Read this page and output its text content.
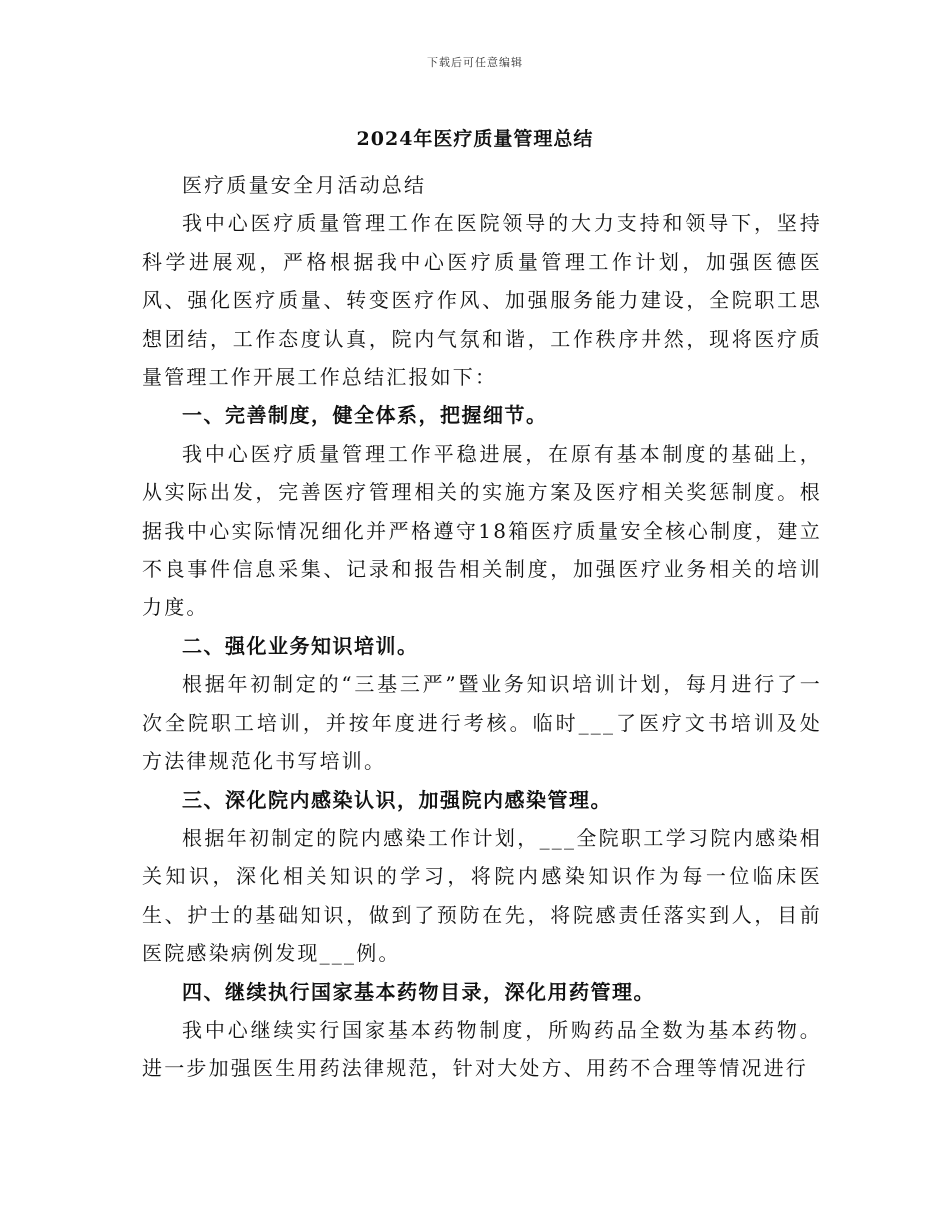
下载后可任意编辑
2024年医疗质量管理总结

医疗质量安全月活动总结

我中心医疗质量管理工作在医院领导的大力支持和领导下，坚持科学进展观，严格根据我中心医疗质量管理工作计划，加强医德医风、强化医疗质量、转变医疗作风、加强服务能力建设，全院职工思想团结，工作态度认真，院内气氛和谐，工作秩序井然，现将医疗质量管理工作开展工作总结汇报如下：

一、完善制度，健全体系，把握细节。

我中心医疗质量管理工作平稳进展，在原有基本制度的基础上，从实际出发，完善医疗管理相关的实施方案及医疗相关奖惩制度。根据我中心实际情况细化并严格遵守18箱医疗质量安全核心制度，建立不良事件信息采集、记录和报告相关制度，加强医疗业务相关的培训力度。

二、强化业务知识培训。

根据年初制定的“三基三严”暨业务知识培训计划，每月进行了一次全院职工培训，并按年度进行考核。临时___了医疗文书培训及处方法律规范化书写培训。

三、深化院内感染认识，加强院内感染管理。

根据年初制定的院内感染工作计划，___全院职工学习院内感染相关知识，深化相关知识的学习，将院内感染知识作为每一位临床医生、护士的基础知识，做到了预防在先，将院感责任落实到人，目前医院感染病例发现___例。

四、继续执行国家基本药物目录，深化用药管理。

我中心继续实行国家基本药物制度，所购药品全数为基本药物。进一步加强医生用药法律规范，针对大处方、用药不合理等情况进行
